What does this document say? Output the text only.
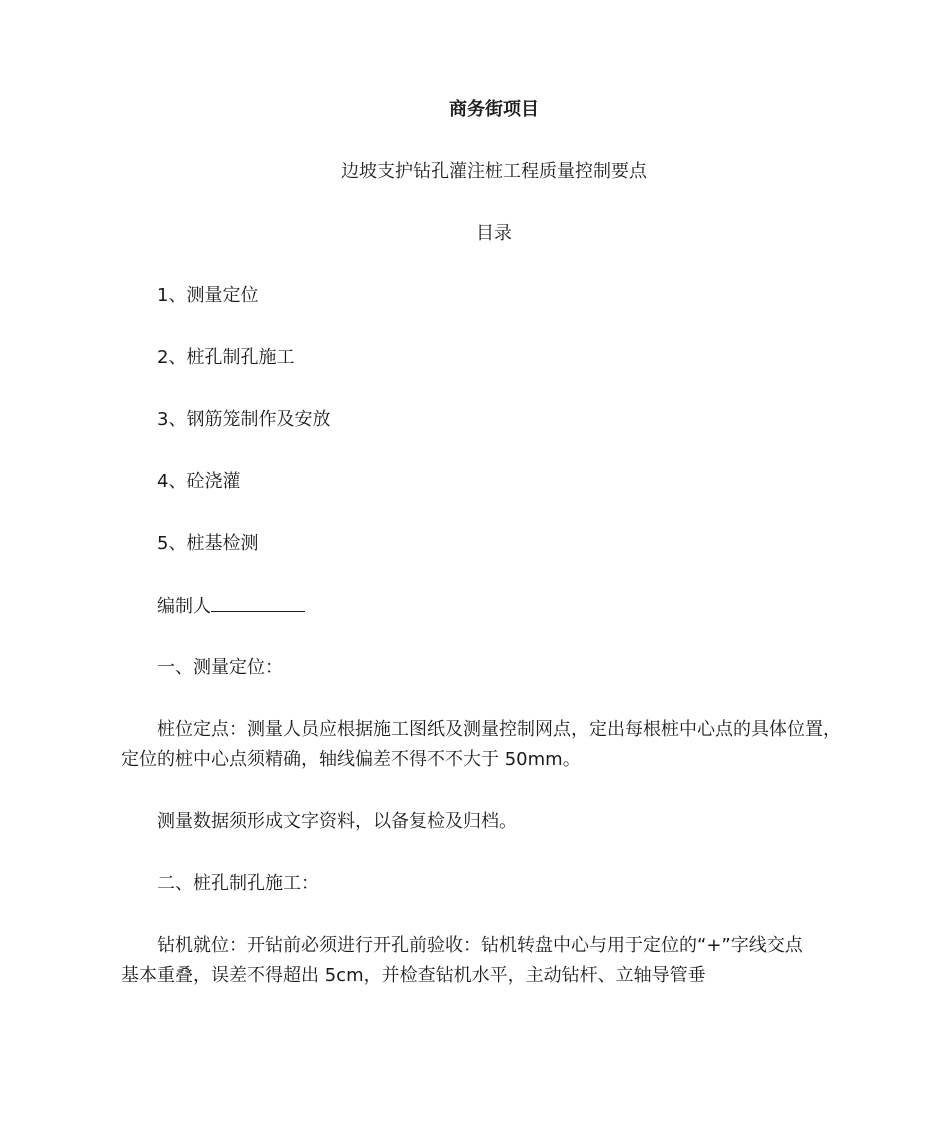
商务街项目
边坡支护钻孔灌注桩工程质量控制要点
目录
1、测量定位
2、桩孔制孔施工
3、钢筋笼制作及安放
4、砼浇灌
5、桩基检测
编制人
一、测量定位：
桩位定点：测量人员应根据施工图纸及测量控制网点，定出每根桩中心点的具体位置，
定位的桩中心点须精确，轴线偏差不得不不大于 50mm。
测量数据须形成文字资料，以备复检及归档。
二、桩孔制孔施工：
钻机就位：开钻前必须进行开孔前验收：钻机转盘中心与用于定位的“+”字线交点
基本重叠，误差不得超出 5cm，并检查钻机水平，主动钻杆、立轴导管垂
